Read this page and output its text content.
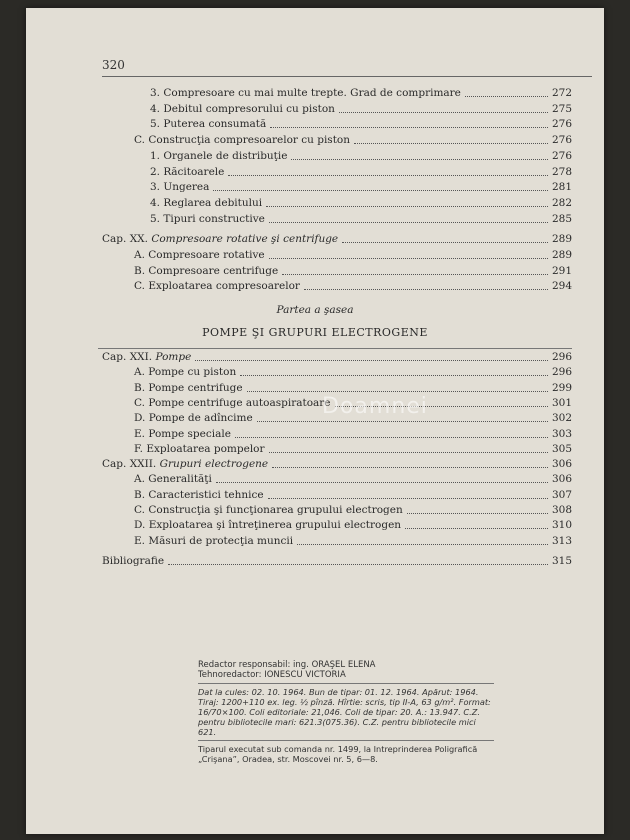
320
3. Compresoare cu mai multe trepte. Grad de comprimare	272
4. Debitul compresorului cu piston	275
5. Puterea consumată	276
C. Construcţia compresoarelor cu piston	276
1. Organele de distribuţie	276
2. Răcitoarele	278
3. Ungerea	281
4. Reglarea debitului	282
5. Tipuri constructive	285
Cap. XX. Compresoare rotative şi centrifuge	289
A. Compresoare rotative	289
B. Compresoare centrifuge	291
C. Exploatarea compresoarelor	294
Partea a şasea
POMPE ŞI GRUPURI ELECTROGENE
Cap. XXI. Pompe	296
A. Pompe cu piston	296
B. Pompe centrifuge	299
C. Pompe centrifuge autoaspiratoare	301
D. Pompe de adîncime	302
E. Pompe speciale	303
F. Exploatarea pompelor	305
Cap. XXII. Grupuri electrogene	306
A. Generalităţi	306
B. Caracteristici tehnice	307
C. Construcţia şi funcţionarea grupului electrogen	308
D. Exploatarea şi întreţinerea grupului electrogen	310
E. Măsuri de protecţia muncii	313
Bibliografie	315
Doamnei
Redactor responsabil: ing. ORAŞEL ELENA
Tehnoredactor: IONESCU VICTORIA
Dat la cules: 02. 10. 1964. Bun de tipar: 01. 12. 1964. Apărut: 1964. Tiraj: 1200+110 ex. leg. ½ pînză. Hîrtie: scris, tip II-A, 63 g/m². Format: 16/70×100. Coli editoriale: 21,046. Coli de tipar: 20. A.: 13.947. C.Z. pentru bibliotecile mari: 621.3(075.36). C.Z. pentru bibliotecile mici 621.
Tiparul executat sub comanda nr. 1499, la Intreprinderea Poligrafică „Crişana”, Oradea, str. Moscovei nr. 5, 6—8.
